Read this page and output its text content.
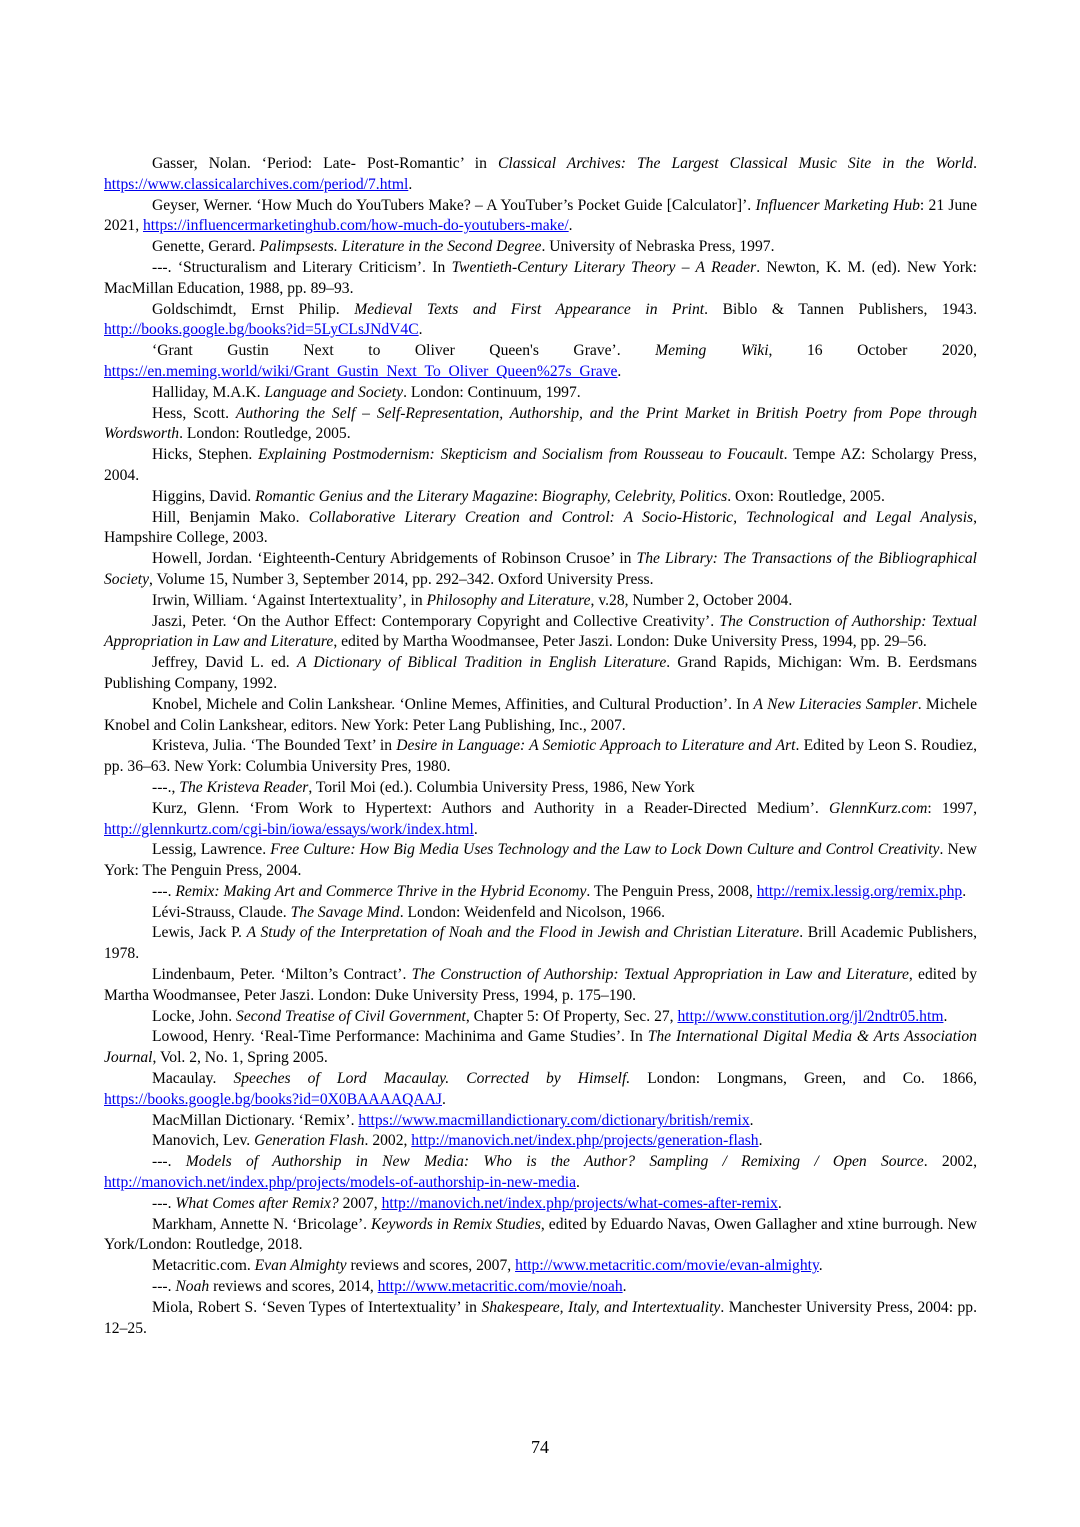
Gasser, Nolan. ‘Period: Late- Post-Romantic’ in Classical Archives: The Largest Classical Music Site in the World. https://www.classicalarchives.com/period/7.html.

Geyser, Werner. ‘How Much do YouTubers Make? – A YouTuber’s Pocket Guide [Calculator]’. Influencer Marketing Hub: 21 June 2021, https://influencermarketinghub.com/how-much-do-youtubers-make/.

Genette, Gerard. Palimpsests. Literature in the Second Degree. University of Nebraska Press, 1997.

---. ‘Structuralism and Literary Criticism’. In Twentieth-Century Literary Theory – A Reader. Newton, K. M. (ed). New York: MacMillan Education, 1988, pp. 89–93.

Goldschimdt, Ernst Philip. Medieval Texts and First Appearance in Print. Biblo & Tannen Publishers, 1943. http://books.google.bg/books?id=5LyCLsJNdV4C.

‘Grant Gustin Next to Oliver Queen's Grave’. Meming Wiki, 16 October 2020, https://en.meming.world/wiki/Grant_Gustin_Next_To_Oliver_Queen%27s_Grave.

Halliday, M.A.K. Language and Society. London: Continuum, 1997.

Hess, Scott. Authoring the Self – Self-Representation, Authorship, and the Print Market in British Poetry from Pope through Wordsworth. London: Routledge, 2005.

Hicks, Stephen. Explaining Postmodernism: Skepticism and Socialism from Rousseau to Foucault. Tempe AZ: Scholargy Press, 2004.

Higgins, David. Romantic Genius and the Literary Magazine: Biography, Celebrity, Politics. Oxon: Routledge, 2005.

Hill, Benjamin Mako. Collaborative Literary Creation and Control: A Socio-Historic, Technological and Legal Analysis, Hampshire College, 2003.

Howell, Jordan. ‘Eighteenth-Century Abridgements of Robinson Crusoe’ in The Library: The Transactions of the Bibliographical Society, Volume 15, Number 3, September 2014, pp. 292–342. Oxford University Press.

Irwin, William. ‘Against Intertextuality’, in Philosophy and Literature, v.28, Number 2, October 2004.

Jaszi, Peter. ‘On the Author Effect: Contemporary Copyright and Collective Creativity’. The Construction of Authorship: Textual Appropriation in Law and Literature, edited by Martha Woodmansee, Peter Jaszi. London: Duke University Press, 1994, pp. 29–56.

Jeffrey, David L. ed. A Dictionary of Biblical Tradition in English Literature. Grand Rapids, Michigan: Wm. B. Eerdsmans Publishing Company, 1992.

Knobel, Michele and Colin Lankshear. ‘Online Memes, Affinities, and Cultural Production’. In A New Literacies Sampler. Michele Knobel and Colin Lankshear, editors. New York: Peter Lang Publishing, Inc., 2007.

Kristeva, Julia. ‘The Bounded Text’ in Desire in Language: A Semiotic Approach to Literature and Art. Edited by Leon S. Roudiez, pp. 36–63. New York: Columbia University Pres, 1980.

---., The Kristeva Reader, Toril Moi (ed.). Columbia University Press, 1986, New York

Kurz, Glenn. ‘From Work to Hypertext: Authors and Authority in a Reader-Directed Medium’. GlennKurz.com: 1997, http://glennkurtz.com/cgi-bin/iowa/essays/work/index.html.

Lessig, Lawrence. Free Culture: How Big Media Uses Technology and the Law to Lock Down Culture and Control Creativity. New York: The Penguin Press, 2004.

---. Remix: Making Art and Commerce Thrive in the Hybrid Economy. The Penguin Press, 2008, http://remix.lessig.org/remix.php.

Lévi-Strauss, Claude. The Savage Mind. London: Weidenfeld and Nicolson, 1966.

Lewis, Jack P. A Study of the Interpretation of Noah and the Flood in Jewish and Christian Literature. Brill Academic Publishers, 1978.

Lindenbaum, Peter. ‘Milton’s Contract’. The Construction of Authorship: Textual Appropriation in Law and Literature, edited by Martha Woodmansee, Peter Jaszi. London: Duke University Press, 1994, p. 175–190.

Locke, John. Second Treatise of Civil Government, Chapter 5: Of Property, Sec. 27, http://www.constitution.org/jl/2ndtr05.htm.

Lowood, Henry. ‘Real-Time Performance: Machinima and Game Studies’. In The International Digital Media & Arts Association Journal, Vol. 2, No. 1, Spring 2005.

Macaulay. Speeches of Lord Macaulay. Corrected by Himself. London: Longmans, Green, and Co. 1866, https://books.google.bg/books?id=0X0BAAAAQAAJ.

MacMillan Dictionary. ‘Remix’. https://www.macmillandictionary.com/dictionary/british/remix.

Manovich, Lev. Generation Flash. 2002, http://manovich.net/index.php/projects/generation-flash.

---. Models of Authorship in New Media: Who is the Author? Sampling / Remixing / Open Source. 2002, http://manovich.net/index.php/projects/models-of-authorship-in-new-media.

---. What Comes after Remix? 2007, http://manovich.net/index.php/projects/what-comes-after-remix.

Markham, Annette N. ‘Bricolage’. Keywords in Remix Studies, edited by Eduardo Navas, Owen Gallagher and xtine burrough. New York/London: Routledge, 2018.

Metacritic.com. Evan Almighty reviews and scores, 2007, http://www.metacritic.com/movie/evan-almighty.

---. Noah reviews and scores, 2014, http://www.metacritic.com/movie/noah.

Miola, Robert S. ‘Seven Types of Intertextuality’ in Shakespeare, Italy, and Intertextuality. Manchester University Press, 2004: pp. 12–25.

74
